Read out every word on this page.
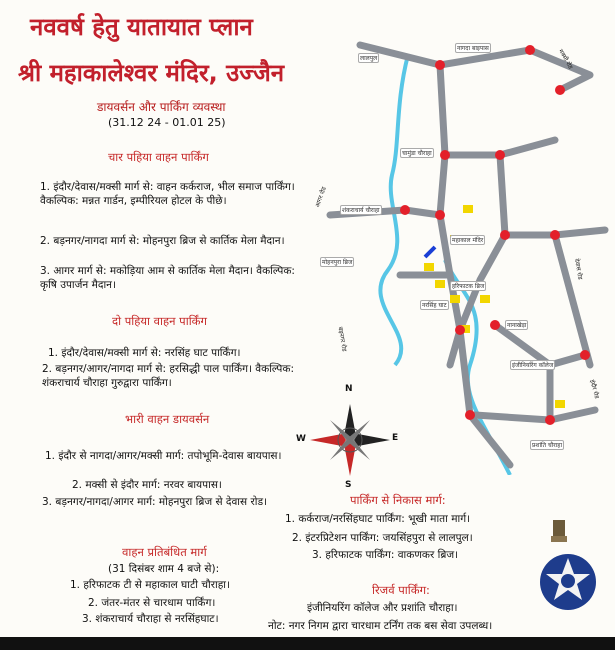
नववर्ष हेतु यातायात प्लान
श्री महाकालेश्वर मंदिर, उज्जैन
डायवर्सन और पार्किंग व्यवस्था
(31.12 24 - 01.01 25)
चार पहिया वाहन पार्किंग
1. इंदौर/देवास/मक्सी मार्ग से: वाहन कर्कराज, भील समाज पार्किंग। वैकल्पिक: मन्नत गार्डन, इम्पीरियल होटल के पीछे।
2. बड़नगर/नागदा मार्ग से: मोहनपुरा ब्रिज से कार्तिक मेला मैदान।
3. आगर मार्ग से: मकोड़िया आम से कार्तिक मेला मैदान। वैकल्पिक: कृषि उपार्जन मैदान।
दो पहिया वाहन पार्किंग
1. इंदौर/देवास/मक्सी मार्ग से: नरसिंह घाट पार्किंग।
2. बड़नगर/आगर/नागदा मार्ग से: हरसिद्धी पाल पार्किंग। वैकल्पिक: शंकराचार्य चौराहा गुरुद्वारा पार्किंग।
भारी वाहन डायवर्सन
1. इंदौर से नागदा/आगर/मक्सी मार्ग: तपोभूमि-देवास बायपास।
2. मक्सी से इंदौर मार्ग: नरवर बायपास।
3. बड़नगर/नागदा/आगर मार्ग: मोहनपुरा ब्रिज से देवास रोड।
वाहन प्रतिबंधित मार्ग
(31 दिसंबर शाम 4 बजे से):
1. हरिफाटक टी से महाकाल घाटी चौराहा।
2. जंतर-मंतर से चारधाम पार्किंग।
3. शंकराचार्य चौराहा से नरसिंहघाट।
पार्किंग से निकास मार्ग:
1. कर्कराज/नरसिंहघाट पार्किंग: भूखी माता मार्ग।
2. इंटरप्रिटेशन पार्किंग: जयसिंहपुरा से लालपुल।
3. हरिफाटक पार्किंग: वाकणकर ब्रिज।
रिजर्व पार्किंग:
इंजीनियरिंग कॉलेज और प्रशांति चौराहा।
नोट: नगर निगम द्वारा चारधाम टर्निंग तक बस सेवा उपलब्ध।
N
S
W	E
मक्सी रोड
देवास रोड
इंदौर रोड
आगर रोड
बड़नगर रोड
हरिफाटक ब्रिज
महाकाल मंदिर
शंकराचार्य चौराहा
नरसिंह घाट
नागदा बाइपास
लालपुल
चामुंडा चौराहा
मोहनपुरा ब्रिज
नानाखेड़ा
इंजीनियरिंग कॉलेज
प्रशांति चौराहा
